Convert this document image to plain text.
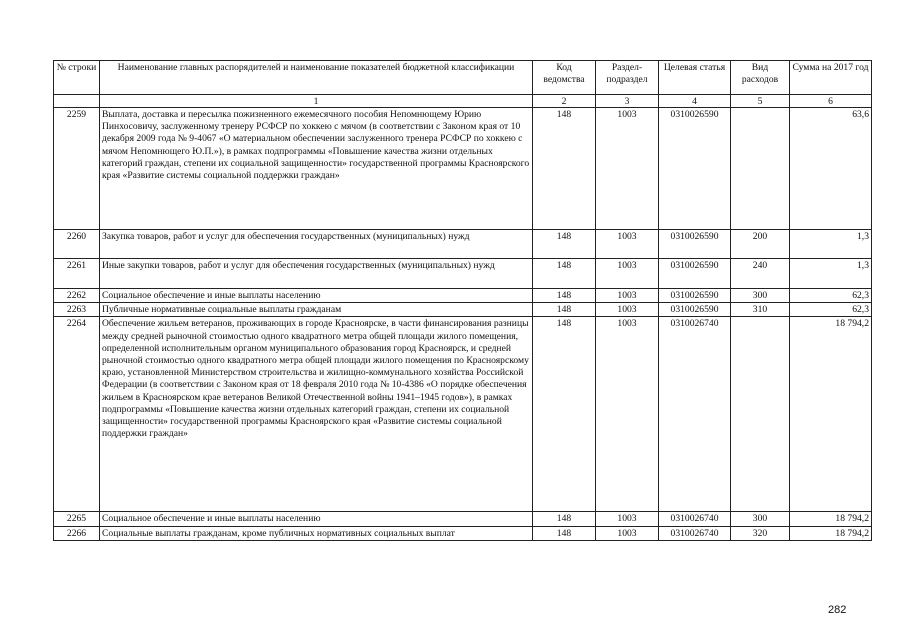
№ строки	Наименование главных распорядителей и наименование показателей бюджетной классификации	Код ведомства	Раздел-подраздел	Целевая статья	Вид расходов	Сумма на 2017 год
	1	2	3	4	5	6
2259	Выплата, доставка и пересылка пожизненного ежемесячного пособия Непомнющему Юрию Пинхосовичу, заслуженному тренеру РСФСР по хоккею с мячом (в соответствии с Законом края от 10 декабря 2009 года № 9-4067 «О материальном обеспечении заслуженного тренера РСФСР по хоккею с мячом Непомнющего Ю.П.»), в рамках подпрограммы «Повышение качества жизни отдельных категорий граждан, степени их социальной защищенности» государственной программы Красноярского края «Развитие системы социальной поддержки граждан»	148	1003	0310026590		63,6
2260	Закупка товаров, работ и услуг для обеспечения государственных (муниципальных) нужд	148	1003	0310026590	200	1,3
2261	Иные закупки товаров, работ и услуг для обеспечения государственных (муниципальных) нужд	148	1003	0310026590	240	1,3
2262	Социальное обеспечение и иные выплаты населению	148	1003	0310026590	300	62,3
2263	Публичные нормативные социальные выплаты гражданам	148	1003	0310026590	310	62,3
2264	Обеспечение жильем ветеранов, проживающих в городе Красноярске, в части финансирования разницы между средней рыночной стоимостью одного квадратного метра общей площади жилого помещения, определенной исполнительным органом муниципального образования город Красноярск, и средней рыночной стоимостью одного квадратного метра общей площади жилого помещения по Красноярскому краю, установленной Министерством строительства и жилищно-коммунального хозяйства Российской Федерации (в соответствии с Законом края от 18 февраля 2010 года № 10-4386 «О порядке обеспечения жильем в Красноярском крае ветеранов Великой Отечественной войны 1941–1945 годов»), в рамках подпрограммы «Повышение качества жизни отдельных категорий граждан, степени их социальной защищенности» государственной программы Красноярского края «Развитие системы социальной поддержки граждан»	148	1003	0310026740		18 794,2
2265	Социальное обеспечение и иные выплаты населению	148	1003	0310026740	300	18 794,2
2266	Социальные выплаты гражданам, кроме публичных нормативных социальных выплат	148	1003	0310026740	320	18 794,2
282
